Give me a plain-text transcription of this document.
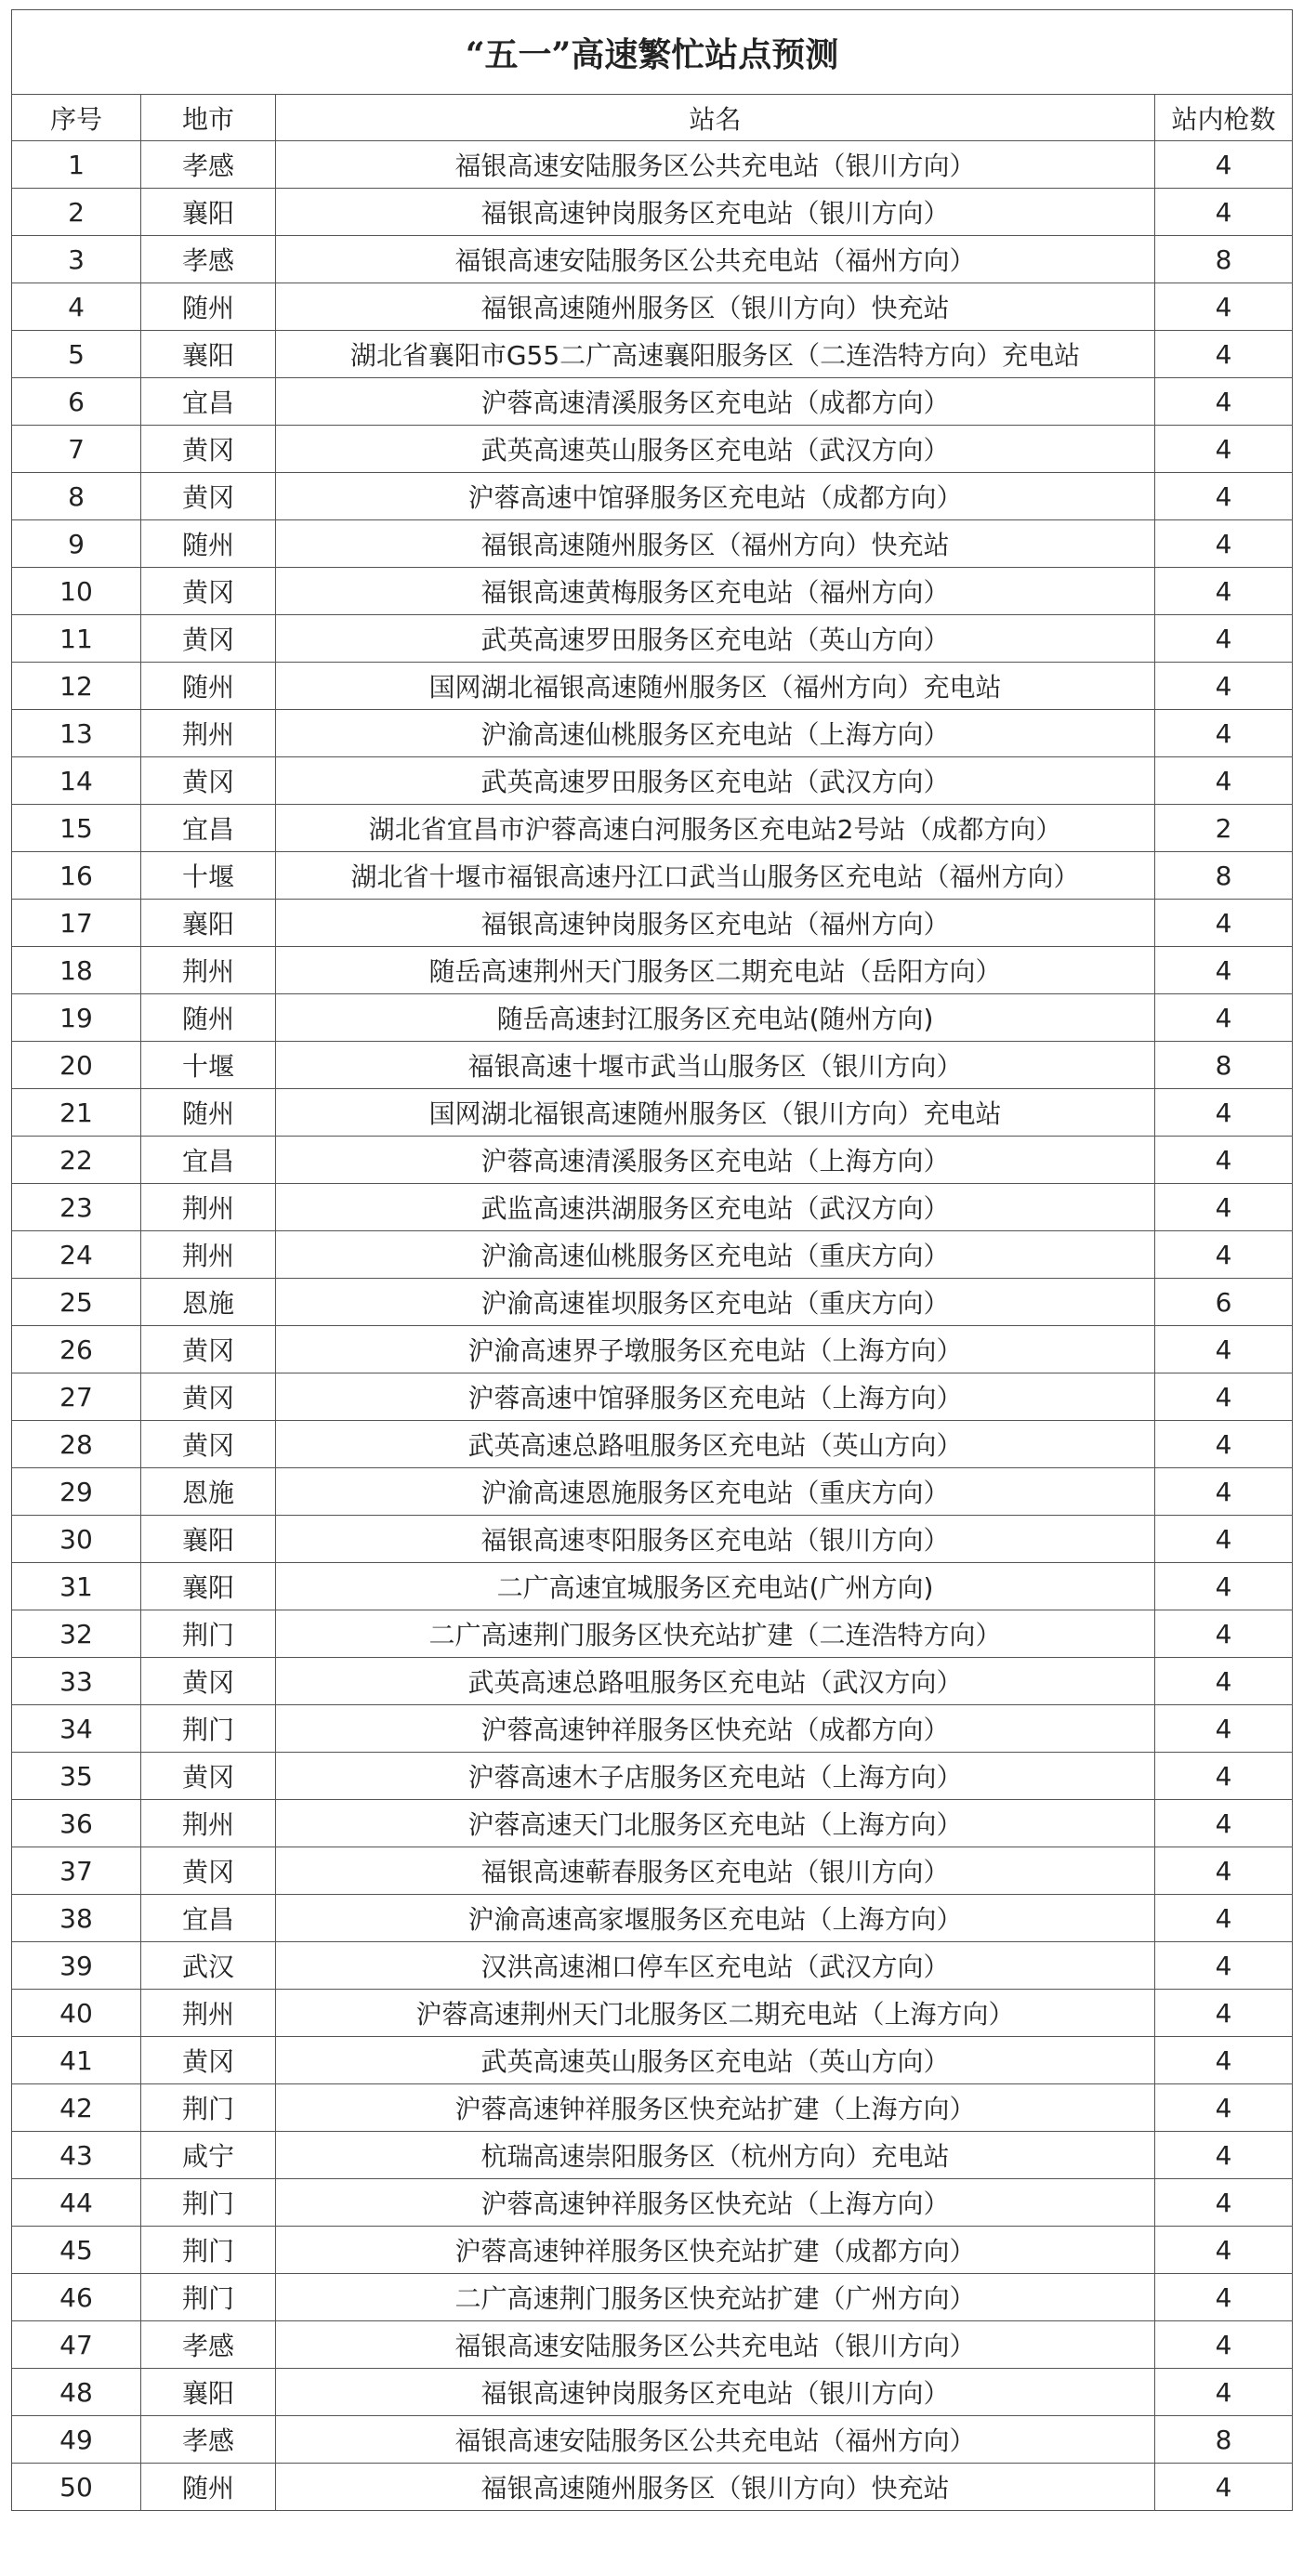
“五一”高速繁忙站点预测			
序号	地市	站名	站内枪数
1	孝感	福银高速安陆服务区公共充电站（银川方向）	4
2	襄阳	福银高速钟岗服务区充电站（银川方向）	4
3	孝感	福银高速安陆服务区公共充电站（福州方向）	8
4	随州	福银高速随州服务区（银川方向）快充站	4
5	襄阳	湖北省襄阳市G55二广高速襄阳服务区（二连浩特方向）充电站	4
6	宜昌	沪蓉高速清溪服务区充电站（成都方向）	4
7	黄冈	武英高速英山服务区充电站（武汉方向）	4
8	黄冈	沪蓉高速中馆驿服务区充电站（成都方向）	4
9	随州	福银高速随州服务区（福州方向）快充站	4
10	黄冈	福银高速黄梅服务区充电站（福州方向）	4
11	黄冈	武英高速罗田服务区充电站（英山方向）	4
12	随州	国网湖北福银高速随州服务区（福州方向）充电站	4
13	荆州	沪渝高速仙桃服务区充电站（上海方向）	4
14	黄冈	武英高速罗田服务区充电站（武汉方向）	4
15	宜昌	湖北省宜昌市沪蓉高速白河服务区充电站2号站（成都方向）	2
16	十堰	湖北省十堰市福银高速丹江口武当山服务区充电站（福州方向）	8
17	襄阳	福银高速钟岗服务区充电站（福州方向）	4
18	荆州	随岳高速荆州天门服务区二期充电站（岳阳方向）	4
19	随州	随岳高速封江服务区充电站(随州方向)	4
20	十堰	福银高速十堰市武当山服务区（银川方向）	8
21	随州	国网湖北福银高速随州服务区（银川方向）充电站	4
22	宜昌	沪蓉高速清溪服务区充电站（上海方向）	4
23	荆州	武监高速洪湖服务区充电站（武汉方向）	4
24	荆州	沪渝高速仙桃服务区充电站（重庆方向）	4
25	恩施	沪渝高速崔坝服务区充电站（重庆方向）	6
26	黄冈	沪渝高速界子墩服务区充电站（上海方向）	4
27	黄冈	沪蓉高速中馆驿服务区充电站（上海方向）	4
28	黄冈	武英高速总路咀服务区充电站（英山方向）	4
29	恩施	沪渝高速恩施服务区充电站（重庆方向）	4
30	襄阳	福银高速枣阳服务区充电站（银川方向）	4
31	襄阳	二广高速宜城服务区充电站(广州方向)	4
32	荆门	二广高速荆门服务区快充站扩建（二连浩特方向）	4
33	黄冈	武英高速总路咀服务区充电站（武汉方向）	4
34	荆门	沪蓉高速钟祥服务区快充站（成都方向）	4
35	黄冈	沪蓉高速木子店服务区充电站（上海方向）	4
36	荆州	沪蓉高速天门北服务区充电站（上海方向）	4
37	黄冈	福银高速蕲春服务区充电站（银川方向）	4
38	宜昌	沪渝高速高家堰服务区充电站（上海方向）	4
39	武汉	汉洪高速湘口停车区充电站（武汉方向）	4
40	荆州	沪蓉高速荆州天门北服务区二期充电站（上海方向）	4
41	黄冈	武英高速英山服务区充电站（英山方向）	4
42	荆门	沪蓉高速钟祥服务区快充站扩建（上海方向）	4
43	咸宁	杭瑞高速崇阳服务区（杭州方向）充电站	4
44	荆门	沪蓉高速钟祥服务区快充站（上海方向）	4
45	荆门	沪蓉高速钟祥服务区快充站扩建（成都方向）	4
46	荆门	二广高速荆门服务区快充站扩建（广州方向）	4
47	孝感	福银高速安陆服务区公共充电站（银川方向）	4
48	襄阳	福银高速钟岗服务区充电站（银川方向）	4
49	孝感	福银高速安陆服务区公共充电站（福州方向）	8
50	随州	福银高速随州服务区（银川方向）快充站	4
